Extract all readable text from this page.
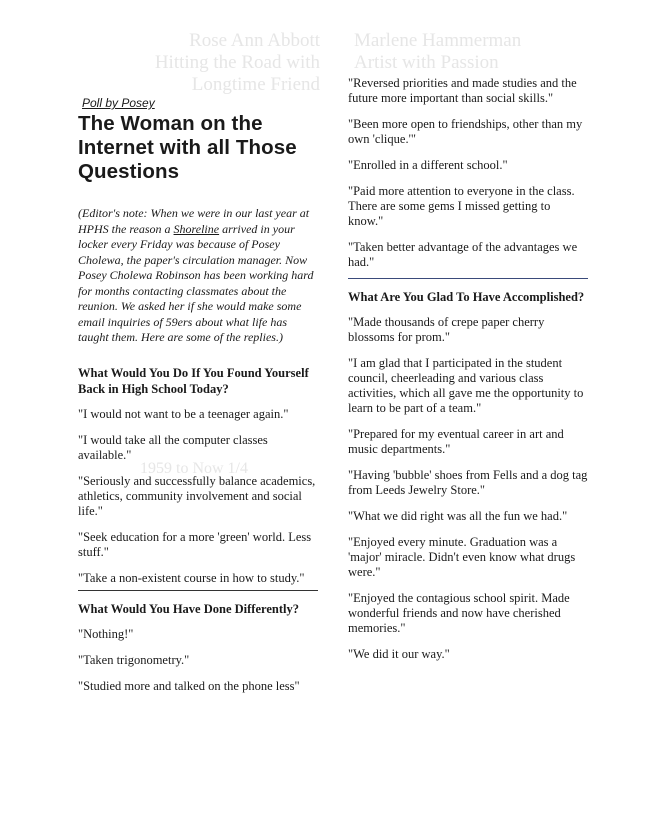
Rose Ann Abbott
Hitting the Road with
Longtime Friend
Marlene Hammerman
Artist with Passion
1959 to Now 1/4
Poll by Posey
The Woman on the Internet with all Those Questions
(Editor's note: When we were in our last year at HPHS the reason a Shoreline arrived in your locker every Friday was because of Posey Cholewa, the paper's circulation manager. Now Posey Cholewa Robinson has been working hard for months contacting classmates about the reunion. We asked her if she would make some email inquiries of 59ers about what life has taught them. Here are some of the replies.)
What Would You Do If You Found Yourself Back in High School Today?

"I would not want to be a teenager again."

"I would take all the computer classes available."

"Seriously and successfully balance academics, athletics, community involvement and social life."

"Seek education for a more 'green' world. Less stuff."

"Take a non-existent course in how to study."

What Would You Have Done Differently?

"Nothing!"

"Taken trigonometry."

"Studied more and talked on the phone less"

"Reversed priorities and made studies and the future more important than social skills."

"Been more open to friendships, other than my own 'clique.'"

"Enrolled in a different school."

"Paid more attention to everyone in the class. There are some gems I missed getting to know."

"Taken better advantage of the advantages we had."

What Are You Glad To Have Accomplished?

"Made thousands of crepe paper cherry blossoms for prom."

"I am glad that I participated in the student council, cheerleading and various class activities, which all gave me the opportunity to learn to be part of a team."

"Prepared for my eventual career in art and music departments."

"Having 'bubble' shoes from Fells and a dog tag from Leeds Jewelry Store."

"What we did right was all the fun we had."

"Enjoyed every minute. Graduation was a 'major' miracle. Didn't even know what drugs were."

"Enjoyed the contagious school spirit. Made wonderful friends and now have cherished memories."

"We did it our way."
